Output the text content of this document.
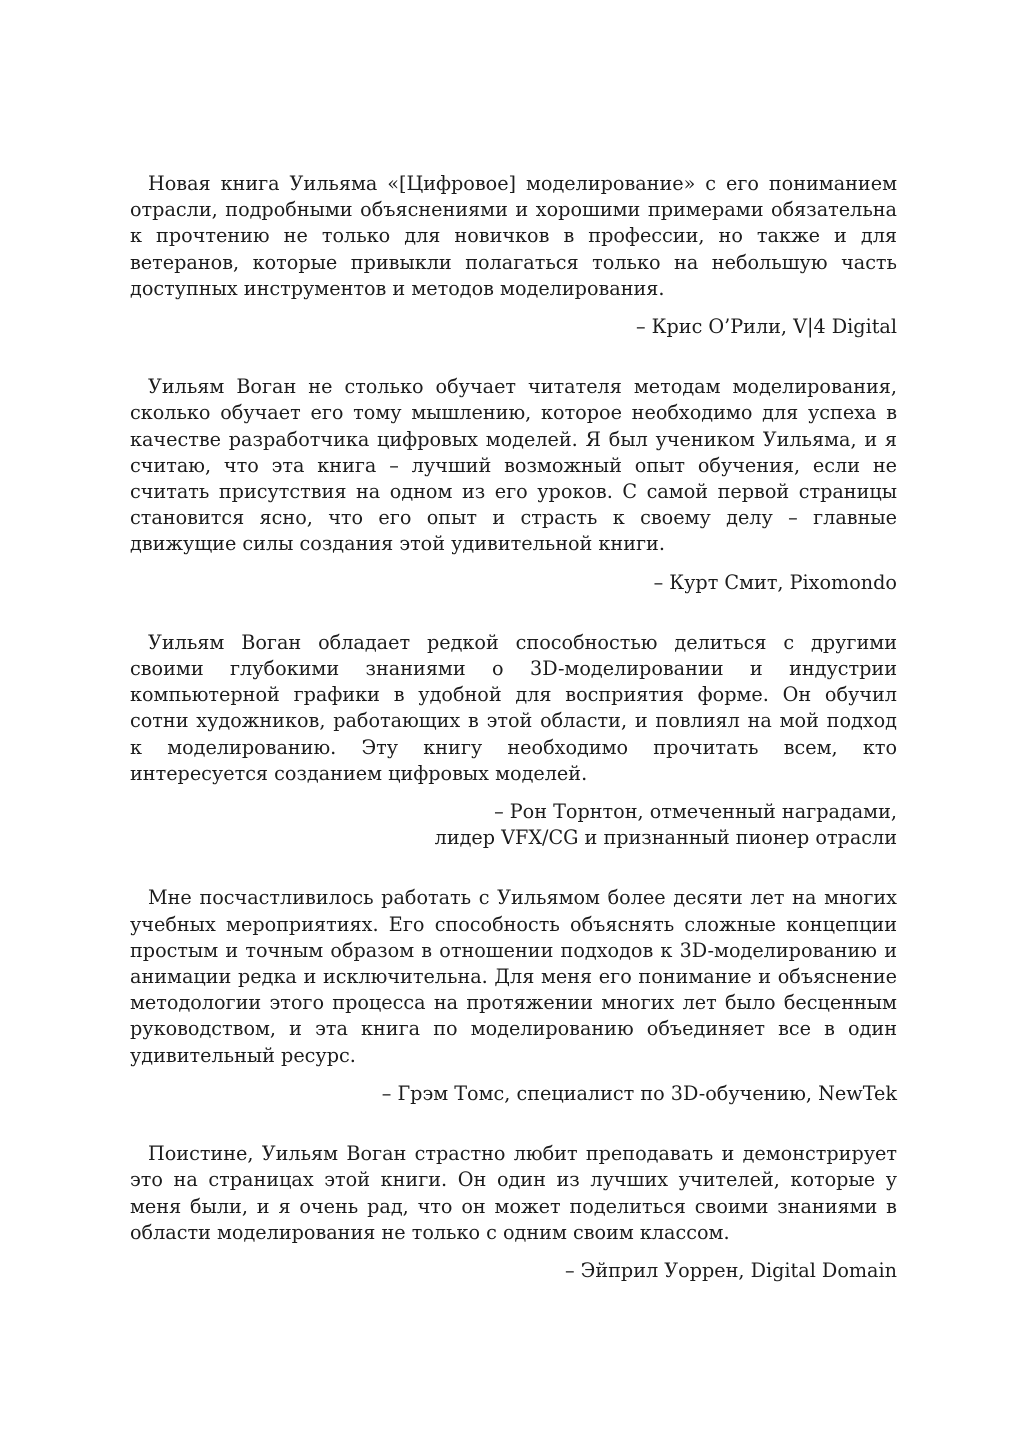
Новая книга Уильяма «[Цифровое] моделирование» с его пониманием отрасли, подробными объяснениями и хорошими примерами обязательна к прочтению не только для новичков в профессии, но также и для ветеранов, которые привыкли полагаться только на небольшую часть доступных инструментов и методов моделирования.

– Крис О’Рили, V|4 Digital

Уильям Воган не столько обучает читателя методам моделирования, сколько обучает его тому мышлению, которое необходимо для успеха в качестве разработчика цифровых моделей. Я был учеником Уильяма, и я считаю, что эта книга – лучший возможный опыт обучения, если не считать присутствия на одном из его уроков. С самой первой страницы становится ясно, что его опыт и страсть к своему делу – главные движущие силы создания этой удивительной книги.

– Курт Смит, Pixomondo

Уильям Воган обладает редкой способностью делиться с другими своими глубокими знаниями о 3D-моделировании и индустрии компьютерной графики в удобной для восприятия форме. Он обучил сотни художников, работающих в этой области, и повлиял на мой подход к моделированию. Эту книгу необходимо прочитать всем, кто интересуется созданием цифровых моделей.

– Рон Торнтон, отмеченный наградами,
лидер VFX/CG и признанный пионер отрасли

Мне посчастливилось работать с Уильямом более десяти лет на многих учебных мероприятиях. Его способность объяснять сложные концепции простым и точным образом в отношении подходов к 3D-моделированию и анимации редка и исключительна. Для меня его понимание и объяснение методологии этого процесса на протяжении многих лет было бесценным руководством, и эта книга по моделированию объединяет все в один удивительный ресурс.

– Грэм Томс, специалист по 3D-обучению, NewTek

Поистине, Уильям Воган страстно любит преподавать и демонстрирует это на страницах этой книги. Он один из лучших учителей, которые у меня были, и я очень рад, что он может поделиться своими знаниями в области моделирования не только с одним своим классом.

– Эйприл Уоррен, Digital Domain
